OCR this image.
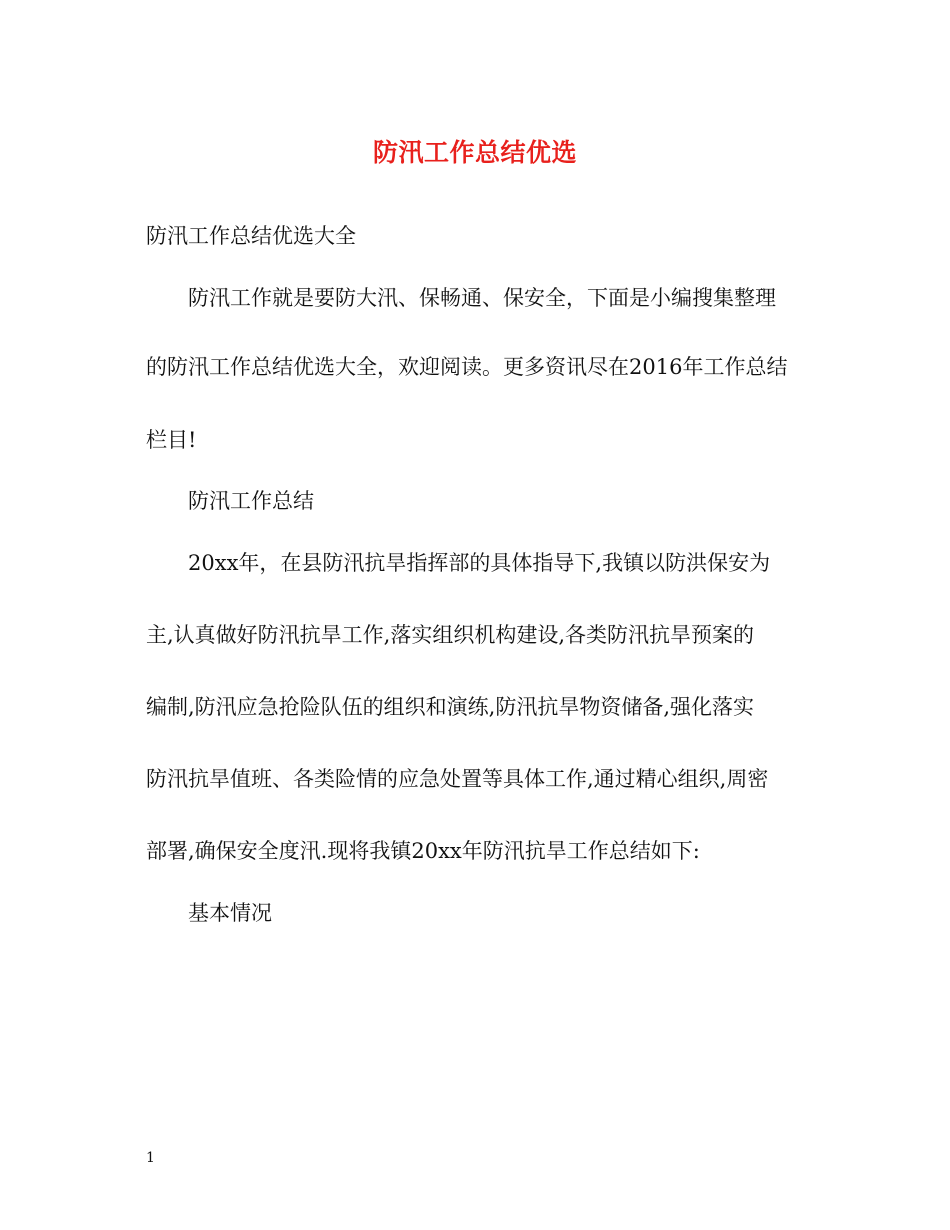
防汛工作总结优选
防汛工作总结优选大全
防汛工作就是要防大汛、保畅通、保安全，下面是小编搜集整理
的防汛工作总结优选大全，欢迎阅读。更多资讯尽在2016年工作总结
栏目!
防汛工作总结
20xx年，在县防汛抗旱指挥部的具体指导下,我镇以防洪保安为
主,认真做好防汛抗旱工作,落实组织机构建设,各类防汛抗旱预案的
编制,防汛应急抢险队伍的组织和演练,防汛抗旱物资储备,强化落实
防汛抗旱值班、各类险情的应急处置等具体工作,通过精心组织,周密
部署,确保安全度汛.现将我镇20xx年防汛抗旱工作总结如下:
基本情况
1
